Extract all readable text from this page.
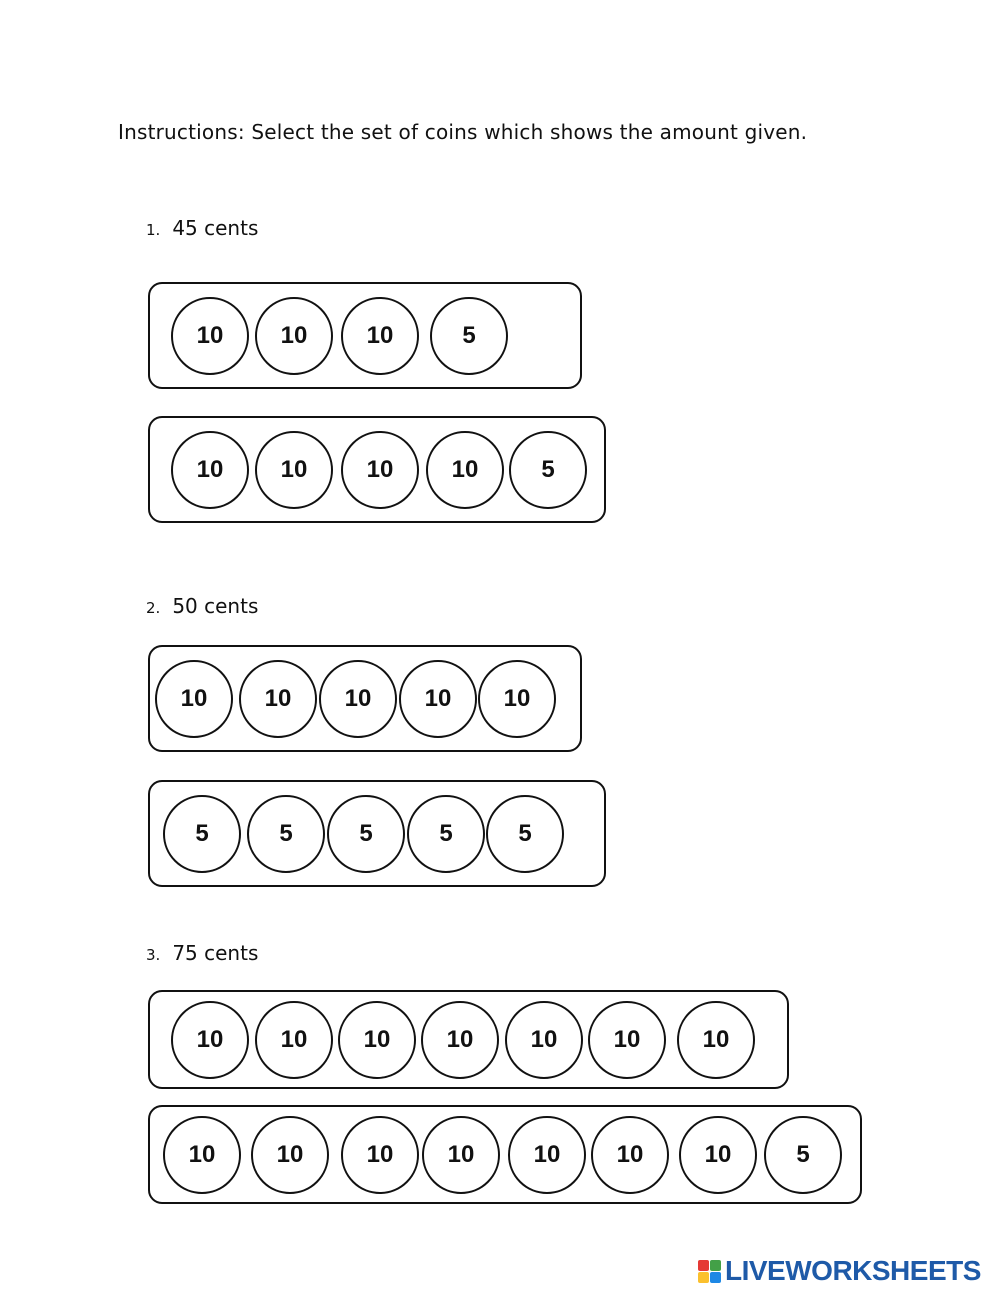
Instructions: Select the set of coins which shows the amount given.
1. 45 cents
10	10	10	5
10	10	10	10	5
2. 50 cents
10	10	10	10	10
5	5	5	5	5
3. 75 cents
10	10	10	10	10	10	10
10	10	10	10	10	10	10	5
LIVEWORKSHEETS
